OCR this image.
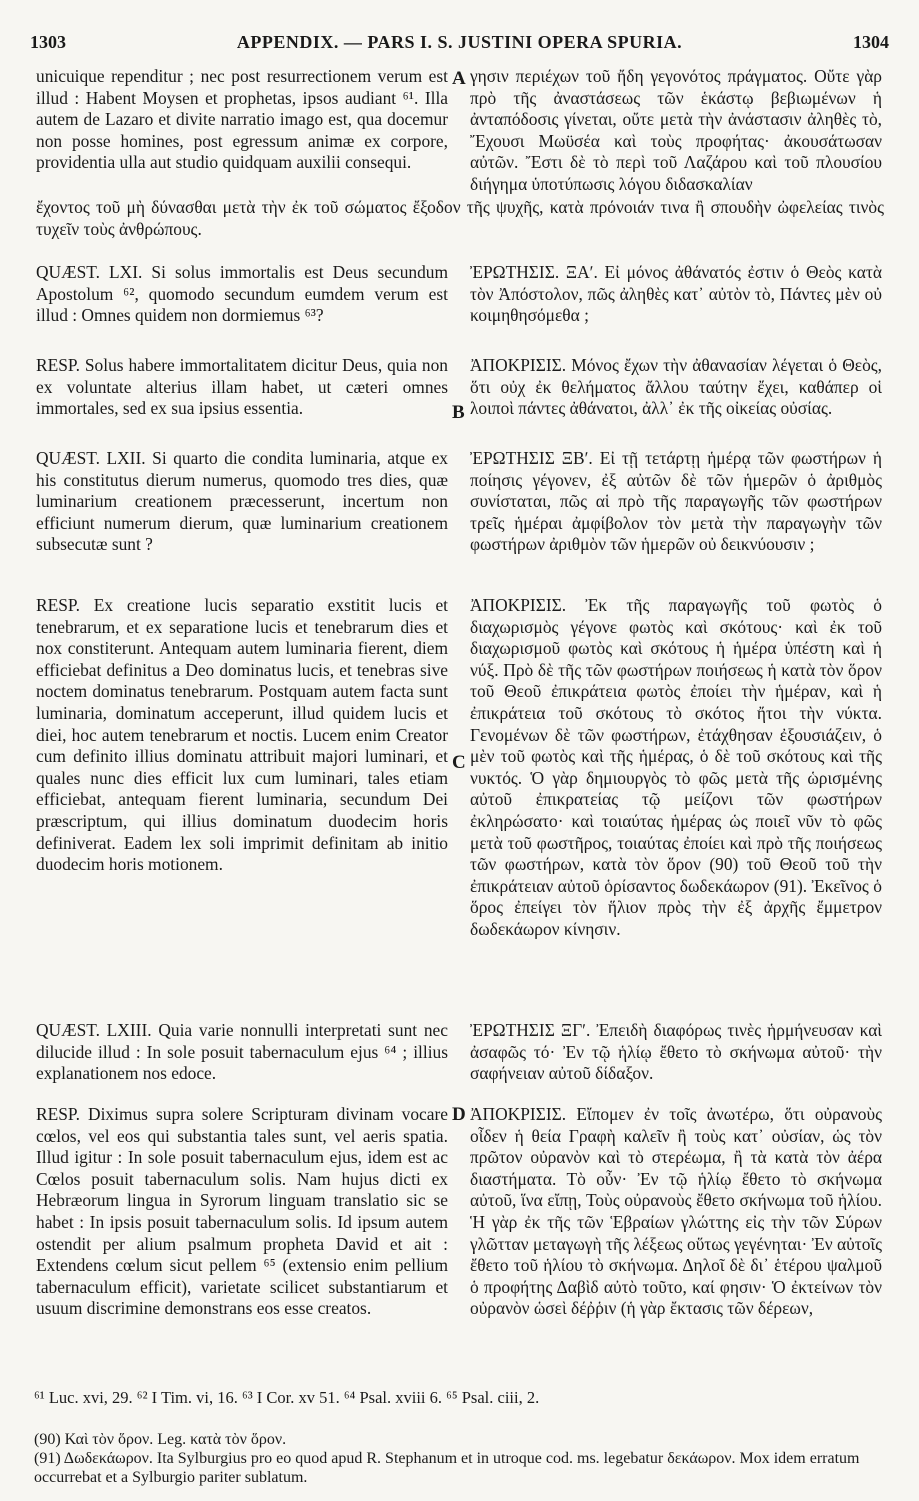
1303	APPENDIX. — PARS I. S. JUSTINI OPERA SPURIA.	1304

unicuique rependitur ; nec post resurrectionem verum est illud : Habent Moysen et prophetas, ipsos audiant ⁶¹. Illa autem de Lazaro et divite narratio imago est, qua docemur non posse homines, post egressum animæ ex corpore, providentia ulla aut studio quidquam auxilii consequi.

A γησιν περιέχων τοῦ ἤδη γεγονότος πράγματος. Οὔτε γὰρ πρὸ τῆς ἀναστάσεως τῶν ἑκάστῳ βεβιωμένων ἡ ἀνταπόδοσις γίνεται, οὔτε μετὰ τὴν ἀνάστασιν ἀληθὲς τὸ, Ἔχουσι Μωϋσέα καὶ τοὺς προφήτας· ἀκουσάτωσαν αὐτῶν. Ἔστι δὲ τὸ περὶ τοῦ Λαζάρου καὶ τοῦ πλουσίου διήγημα ὑποτύπωσις λόγου διδασκαλίαν

ἔχοντος τοῦ μὴ δύνασθαι μετὰ τὴν ἐκ τοῦ σώματος ἔξοδον τῆς ψυχῆς, κατὰ πρόνοιάν τινα ἢ σπουδὴν ὠφελείας τινὸς τυχεῖν τοὺς ἀνθρώπους.

QUÆST. LXI. Si solus immortalis est Deus secundum Apostolum ⁶², quomodo secundum eumdem verum est illud : Omnes quidem non dormiemus ⁶³?

ἘΡΩΤΗΣΙΣ. ΞΑʹ. Εἰ μόνος ἀθάνατός ἐστιν ὁ Θεὸς κατὰ τὸν Ἀπόστολον, πῶς ἀληθὲς κατ᾽ αὐτὸν τὸ, Πάντες μὲν οὐ κοιμηθησόμεθα ;

RESP. Solus habere immortalitatem dicitur Deus, quia non ex voluntate alterius illam habet, ut cæteri omnes immortales, sed ex sua ipsius essentia.	B

ἈΠΟΚΡΙΣΙΣ. Μόνος ἔχων τὴν ἀθανασίαν λέγεται ὁ Θεὸς, ὅτι οὐχ ἐκ θελήματος ἄλλου ταύτην ἔχει, καθάπερ οἱ λοιποὶ πάντες ἀθάνατοι, ἀλλ᾽ ἐκ τῆς οἰκείας οὐσίας.

QUÆST. LXII. Si quarto die condita luminaria, atque ex his constitutus dierum numerus, quomodo tres dies, quæ luminarium creationem præcesserunt, incertum non efficiunt numerum dierum, quæ luminarium creationem subsecutæ sunt ?

ἘΡΩΤΗΣΙΣ ΞΒʹ. Εἰ τῇ τετάρτῃ ἡμέρᾳ τῶν φωστήρων ἡ ποίησις γέγονεν, ἐξ αὐτῶν δὲ τῶν ἡμερῶν ὁ ἀριθμὸς συνίσταται, πῶς αἱ πρὸ τῆς παραγωγῆς τῶν φωστήρων τρεῖς ἡμέραι ἀμφίβολον τὸν μετὰ τὴν παραγωγὴν τῶν φωστήρων ἀριθμὸν τῶν ἡμερῶν οὐ δεικνύουσιν ;

RESP. Ex creatione lucis separatio exstitit lucis et tenebrarum, et ex separatione lucis et tenebrarum dies et nox constiterunt. Antequam autem luminaria fierent, diem efficiebat definitus a Deo dominatus lucis, et tenebras sive noctem dominatus tenebrarum. Postquam autem facta sunt luminaria, dominatum acceperunt, illud quidem lucis et diei, hoc autem tenebrarum et noctis. Lucem enim Creator cum definito illius dominatu attribuit majori luminari, et quales nunc dies efficit lux cum luminari, tales etiam efficiebat, antequam fierent luminaria, secundum Dei præscriptum, qui illius dominatum duodecim horis definiverat. Eadem lex soli imprimit definitam ab initio duodecim horis motionem.

C

ἈΠΟΚΡΙΣΙΣ. Ἐκ τῆς παραγωγῆς τοῦ φωτὸς ὁ διαχωρισμὸς γέγονε φωτὸς καὶ σκότους· καὶ ἐκ τοῦ διαχωρισμοῦ φωτὸς καὶ σκότους ἡ ἡμέρα ὑπέστη καὶ ἡ νύξ. Πρὸ δὲ τῆς τῶν φωστήρων ποιήσεως ἡ κατὰ τὸν ὅρον τοῦ Θεοῦ ἐπικράτεια φωτὸς ἐποίει τὴν ἡμέραν, καὶ ἡ ἐπικράτεια τοῦ σκότους τὸ σκότος ἤτοι τὴν νύκτα. Γενομένων δὲ τῶν φωστήρων, ἐτάχθησαν ἐξουσιάζειν, ὁ μὲν τοῦ φωτὸς καὶ τῆς ἡμέρας, ὁ δὲ τοῦ σκότους καὶ τῆς νυκτός. Ὁ γὰρ δημιουργὸς τὸ φῶς μετὰ τῆς ὡρισμένης αὐτοῦ ἐπικρατείας τῷ μείζονι τῶν φωστήρων ἐκληρώσατο· καὶ τοιαύτας ἡμέρας ὡς ποιεῖ νῦν τὸ φῶς μετὰ τοῦ φωστῆρος, τοιαύτας ἐποίει καὶ πρὸ τῆς ποιήσεως τῶν φωστήρων, κατὰ τὸν ὅρον (90) τοῦ Θεοῦ τοῦ τὴν ἐπικράτειαν αὐτοῦ ὁρίσαντος δωδεκάωρον (91). Ἐκεῖνος ὁ ὅρος ἐπείγει τὸν ἥλιον πρὸς τὴν ἐξ ἀρχῆς ἔμμετρον δωδεκάωρον κίνησιν.

QUÆST. LXIII. Quia varie nonnulli interpretati sunt nec dilucide illud : In sole posuit tabernaculum ejus ⁶⁴ ; illius explanationem nos edoce.

ἘΡΩΤΗΣΙΣ ΞΓʹ. Ἐπειδὴ διαφόρως τινὲς ἡρμήνευσαν καὶ ἀσαφῶς τό· Ἐν τῷ ἡλίῳ ἔθετο τὸ σκήνωμα αὐτοῦ· τὴν σαφήνειαν αὐτοῦ δίδαξον.

RESP. Diximus supra solere Scripturam divinam vocare cœlos, vel eos qui substantia tales sunt, vel aeris spatia. Illud igitur : In sole posuit tabernaculum ejus, idem est ac Cœlos posuit tabernaculum solis. Nam hujus dicti ex Hebræorum lingua in Syrorum linguam translatio sic se habet : In ipsis posuit tabernaculum solis. Id ipsum autem ostendit per alium psalmum propheta David et ait : Extendens cœlum sicut pellem ⁶⁵ (extensio enim pellium tabernaculum efficit), varietate scilicet substantiarum et usuum discrimine demonstrans eos esse creatos.

D ἈΠΟΚΡΙΣΙΣ. Εἴπομεν ἐν τοῖς ἀνωτέρω, ὅτι οὐρανοὺς οἶδεν ἡ θεία Γραφὴ καλεῖν ἢ τοὺς κατ᾽ οὐσίαν, ὡς τὸν πρῶτον οὐρανὸν καὶ τὸ στερέωμα, ἢ τὰ κατὰ τὸν ἀέρα διαστήματα. Τὸ οὖν· Ἐν τῷ ἡλίῳ ἔθετο τὸ σκήνωμα αὐτοῦ, ἵνα εἴπῃ, Τοὺς οὐρανοὺς ἔθετο σκήνωμα τοῦ ἡλίου. Ἡ γὰρ ἐκ τῆς τῶν Ἑβραίων γλώττης εἰς τὴν τῶν Σύρων γλῶτταν μεταγωγὴ τῆς λέξεως οὕτως γεγένηται· Ἐν αὐτοῖς ἔθετο τοῦ ἡλίου τὸ σκήνωμα. Δηλοῖ δὲ δι᾽ ἑτέρου ψαλμοῦ ὁ προφήτης Δαβὶδ αὐτὸ τοῦτο, καί φησιν· Ὁ ἐκτείνων τὸν οὐρανὸν ὡσεὶ δέῤῥιν (ἡ γὰρ ἔκτασις τῶν δέρεων,

⁶¹ Luc. xvi, 29. ⁶² I Tim. vi, 16. ⁶³ I Cor. xv 51. ⁶⁴ Psal. xviii 6. ⁶⁵ Psal. ciii, 2.

(90) Καὶ τὸν ὅρον. Leg. κατὰ τὸν ὅρον.

(91) Δωδεκάωρον. Ita Sylburgius pro eo quod apud R. Stephanum et in utroque cod. ms. legebatur δεκάωρον. Mox idem erratum occurrebat et a Sylburgio pariter sublatum.
